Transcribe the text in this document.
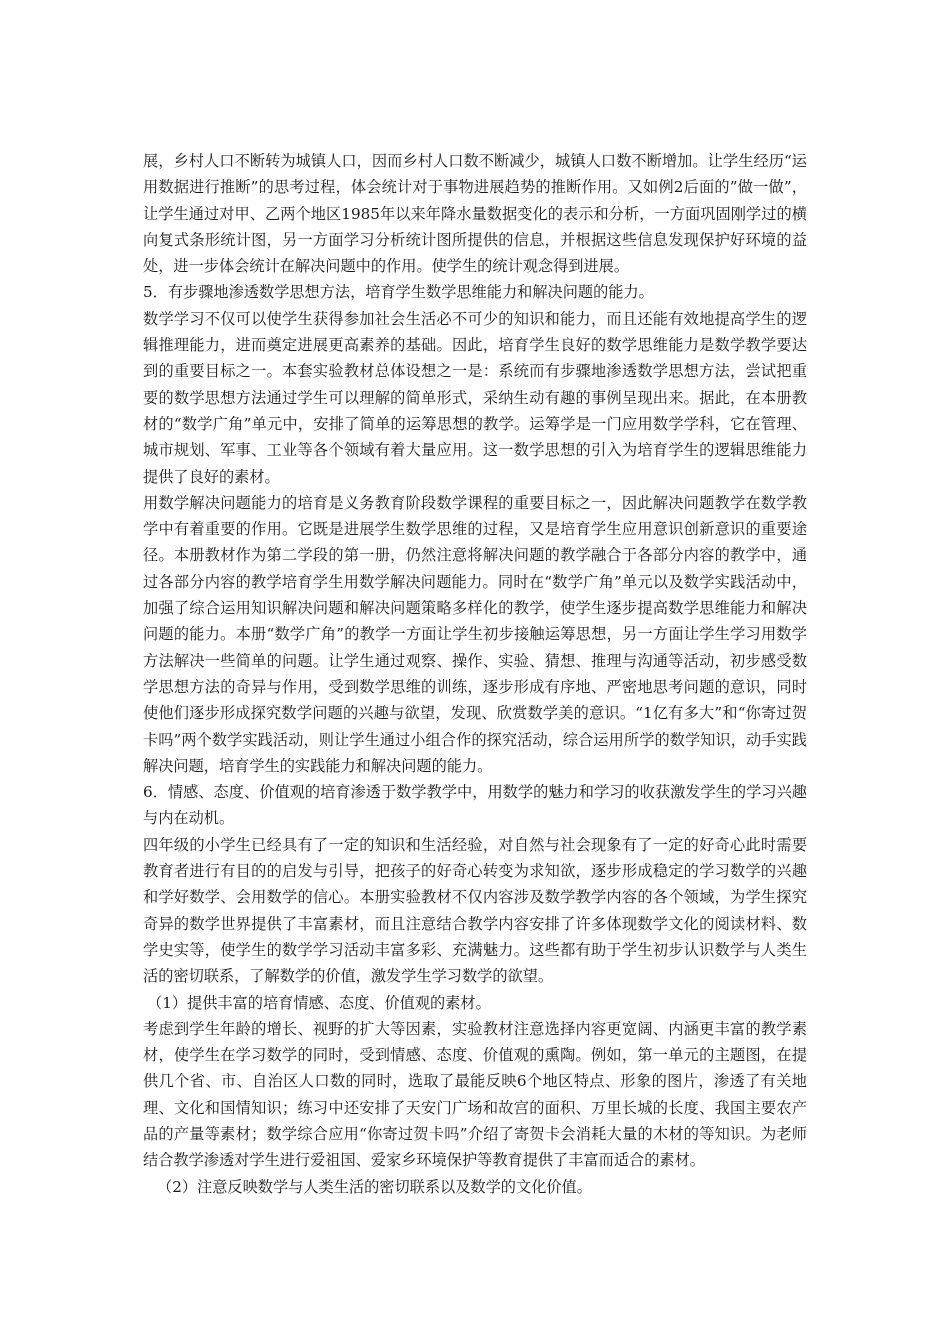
展，乡村人口不断转为城镇人口，因而乡村人口数不断减少，城镇人口数不断增加。让学生经历“运用数据进行推断”的思考过程，体会统计对于事物进展趋势的推断作用。又如例2后面的”做一做”，让学生通过对甲、乙两个地区1985年以来年降水量数据变化的表示和分析，一方面巩固刚学过的横向复式条形统计图，另一方面学习分析统计图所提供的信息，并根据这些信息发现保护好环境的益处，进一步体会统计在解决问题中的作用。使学生的统计观念得到进展。

5．有步骤地渗透数学思想方法，培育学生数学思维能力和解决问题的能力。

数学学习不仅可以使学生获得参加社会生活必不可少的知识和能力，而且还能有效地提高学生的逻辑推理能力，进而奠定进展更高素养的基础。因此，培育学生良好的数学思维能力是数学教学要达到的重要目标之一。本套实验教材总体设想之一是：系统而有步骤地渗透数学思想方法，尝试把重要的数学思想方法通过学生可以理解的简单形式，采纳生动有趣的事例呈现出来。据此，在本册教材的“数学广角”单元中，安排了简单的运筹思想的教学。运筹学是一门应用数学学科，它在管理、城市规划、军事、工业等各个领域有着大量应用。这一数学思想的引入为培育学生的逻辑思维能力提供了良好的素材。

用数学解决问题能力的培育是义务教育阶段数学课程的重要目标之一，因此解决问题教学在数学教学中有着重要的作用。它既是进展学生数学思维的过程，又是培育学生应用意识创新意识的重要途径。本册教材作为第二学段的第一册，仍然注意将解决问题的教学融合于各部分内容的教学中，通过各部分内容的教学培育学生用数学解决问题能力。同时在“数学广角”单元以及数学实践活动中，加强了综合运用知识解决问题和解决问题策略多样化的教学，使学生逐步提高数学思维能力和解决问题的能力。本册“数学广角”的教学一方面让学生初步接触运筹思想，另一方面让学生学习用数学方法解决一些简单的问题。让学生通过观察、操作、实验、猜想、推理与沟通等活动，初步感受数学思想方法的奇异与作用，受到数学思维的训练，逐步形成有序地、严密地思考问题的意识，同时使他们逐步形成探究数学问题的兴趣与欲望，发现、欣赏数学美的意识。“1亿有多大”和“你寄过贺卡吗”两个数学实践活动，则让学生通过小组合作的探究活动，综合运用所学的数学知识，动手实践解决问题，培育学生的实践能力和解决问题的能力。

6．情感、态度、价值观的培育渗透于数学教学中，用数学的魅力和学习的收获激发学生的学习兴趣与内在动机。

四年级的小学生已经具有了一定的知识和生活经验，对自然与社会现象有了一定的好奇心此时需要教育者进行有目的的启发与引导，把孩子的好奇心转变为求知欲，逐步形成稳定的学习数学的兴趣和学好数学、会用数学的信心。本册实验教材不仅内容涉及数学教学内容的各个领域，为学生探究奇异的数学世界提供了丰富素材，而且注意结合教学内容安排了许多体现数学文化的阅读材料、数学史实等，使学生的数学学习活动丰富多彩、充满魅力。这些都有助于学生初步认识数学与人类生活的密切联系，了解数学的价值，激发学生学习数学的欲望。

（1）提供丰富的培育情感、态度、价值观的素材。

考虑到学生年龄的增长、视野的扩大等因素，实验教材注意选择内容更宽阔、内涵更丰富的教学素材，使学生在学习数学的同时，受到情感、态度、价值观的熏陶。例如，第一单元的主题图，在提供几个省、市、自治区人口数的同时，选取了最能反映6个地区特点、形象的图片，渗透了有关地理、文化和国情知识；练习中还安排了天安门广场和故宫的面积、万里长城的长度、我国主要农产品的产量等素材；数学综合应用“你寄过贺卡吗”介绍了寄贺卡会消耗大量的木材的等知识。为老师结合教学渗透对学生进行爱祖国、爱家乡环境保护等教育提供了丰富而适合的素材。

（2）注意反映数学与人类生活的密切联系以及数学的文化价值。
